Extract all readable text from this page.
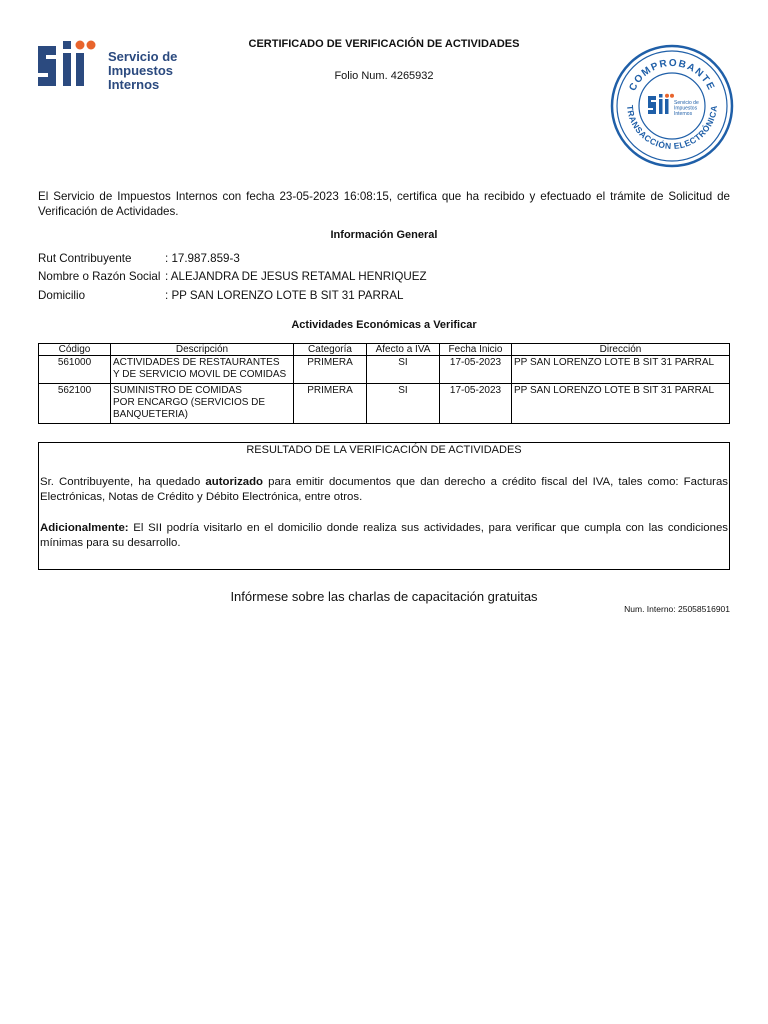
Servicio de
Impuestos
Internos
CERTIFICADO DE VERIFICACIÓN DE ACTIVIDADES
Folio Num. 4265932
COMPROBANTE
TRANSACCIÓN ELECTRÓNICA
Servicio de
Impuestos
Internos
El Servicio de Impuestos Internos con fecha 23-05-2023 16:08:15, certifica que ha recibido y efectuado el trámite de Solicitud de Verificación de Actividades.
Información General
Rut Contribuyente	: 17.987.859-3
Nombre o Razón Social : ALEJANDRA DE JESUS RETAMAL HENRIQUEZ
Domicilio	: PP SAN LORENZO LOTE B SIT 31 PARRAL
Actividades Económicas a Verificar
Código	Descripción	Categoría	Afecto a IVA	Fecha Inicio	Dirección
561000	ACTIVIDADES DE RESTAURANTES
Y DE SERVICIO MOVIL DE COMIDAS	PRIMERA	SI	17-05-2023	PP SAN LORENZO LOTE B SIT 31 PARRAL
562100	SUMINISTRO DE COMIDAS
POR ENCARGO (SERVICIOS DE
BANQUETERIA)	PRIMERA	SI	17-05-2023	PP SAN LORENZO LOTE B SIT 31 PARRAL
RESULTADO DE LA VERIFICACIÓN DE ACTIVIDADES
Sr. Contribuyente, ha quedado autorizado para emitir documentos que dan derecho a crédito fiscal del IVA, tales como: Facturas Electrónicas, Notas de Crédito y Débito Electrónica, entre otros.
Adicionalmente: El SII podría visitarlo en el domicilio donde realiza sus actividades, para verificar que cumpla con las condiciones mínimas para su desarrollo.
Infórmese sobre las charlas de capacitación gratuitas
Num. Interno: 25058516901
